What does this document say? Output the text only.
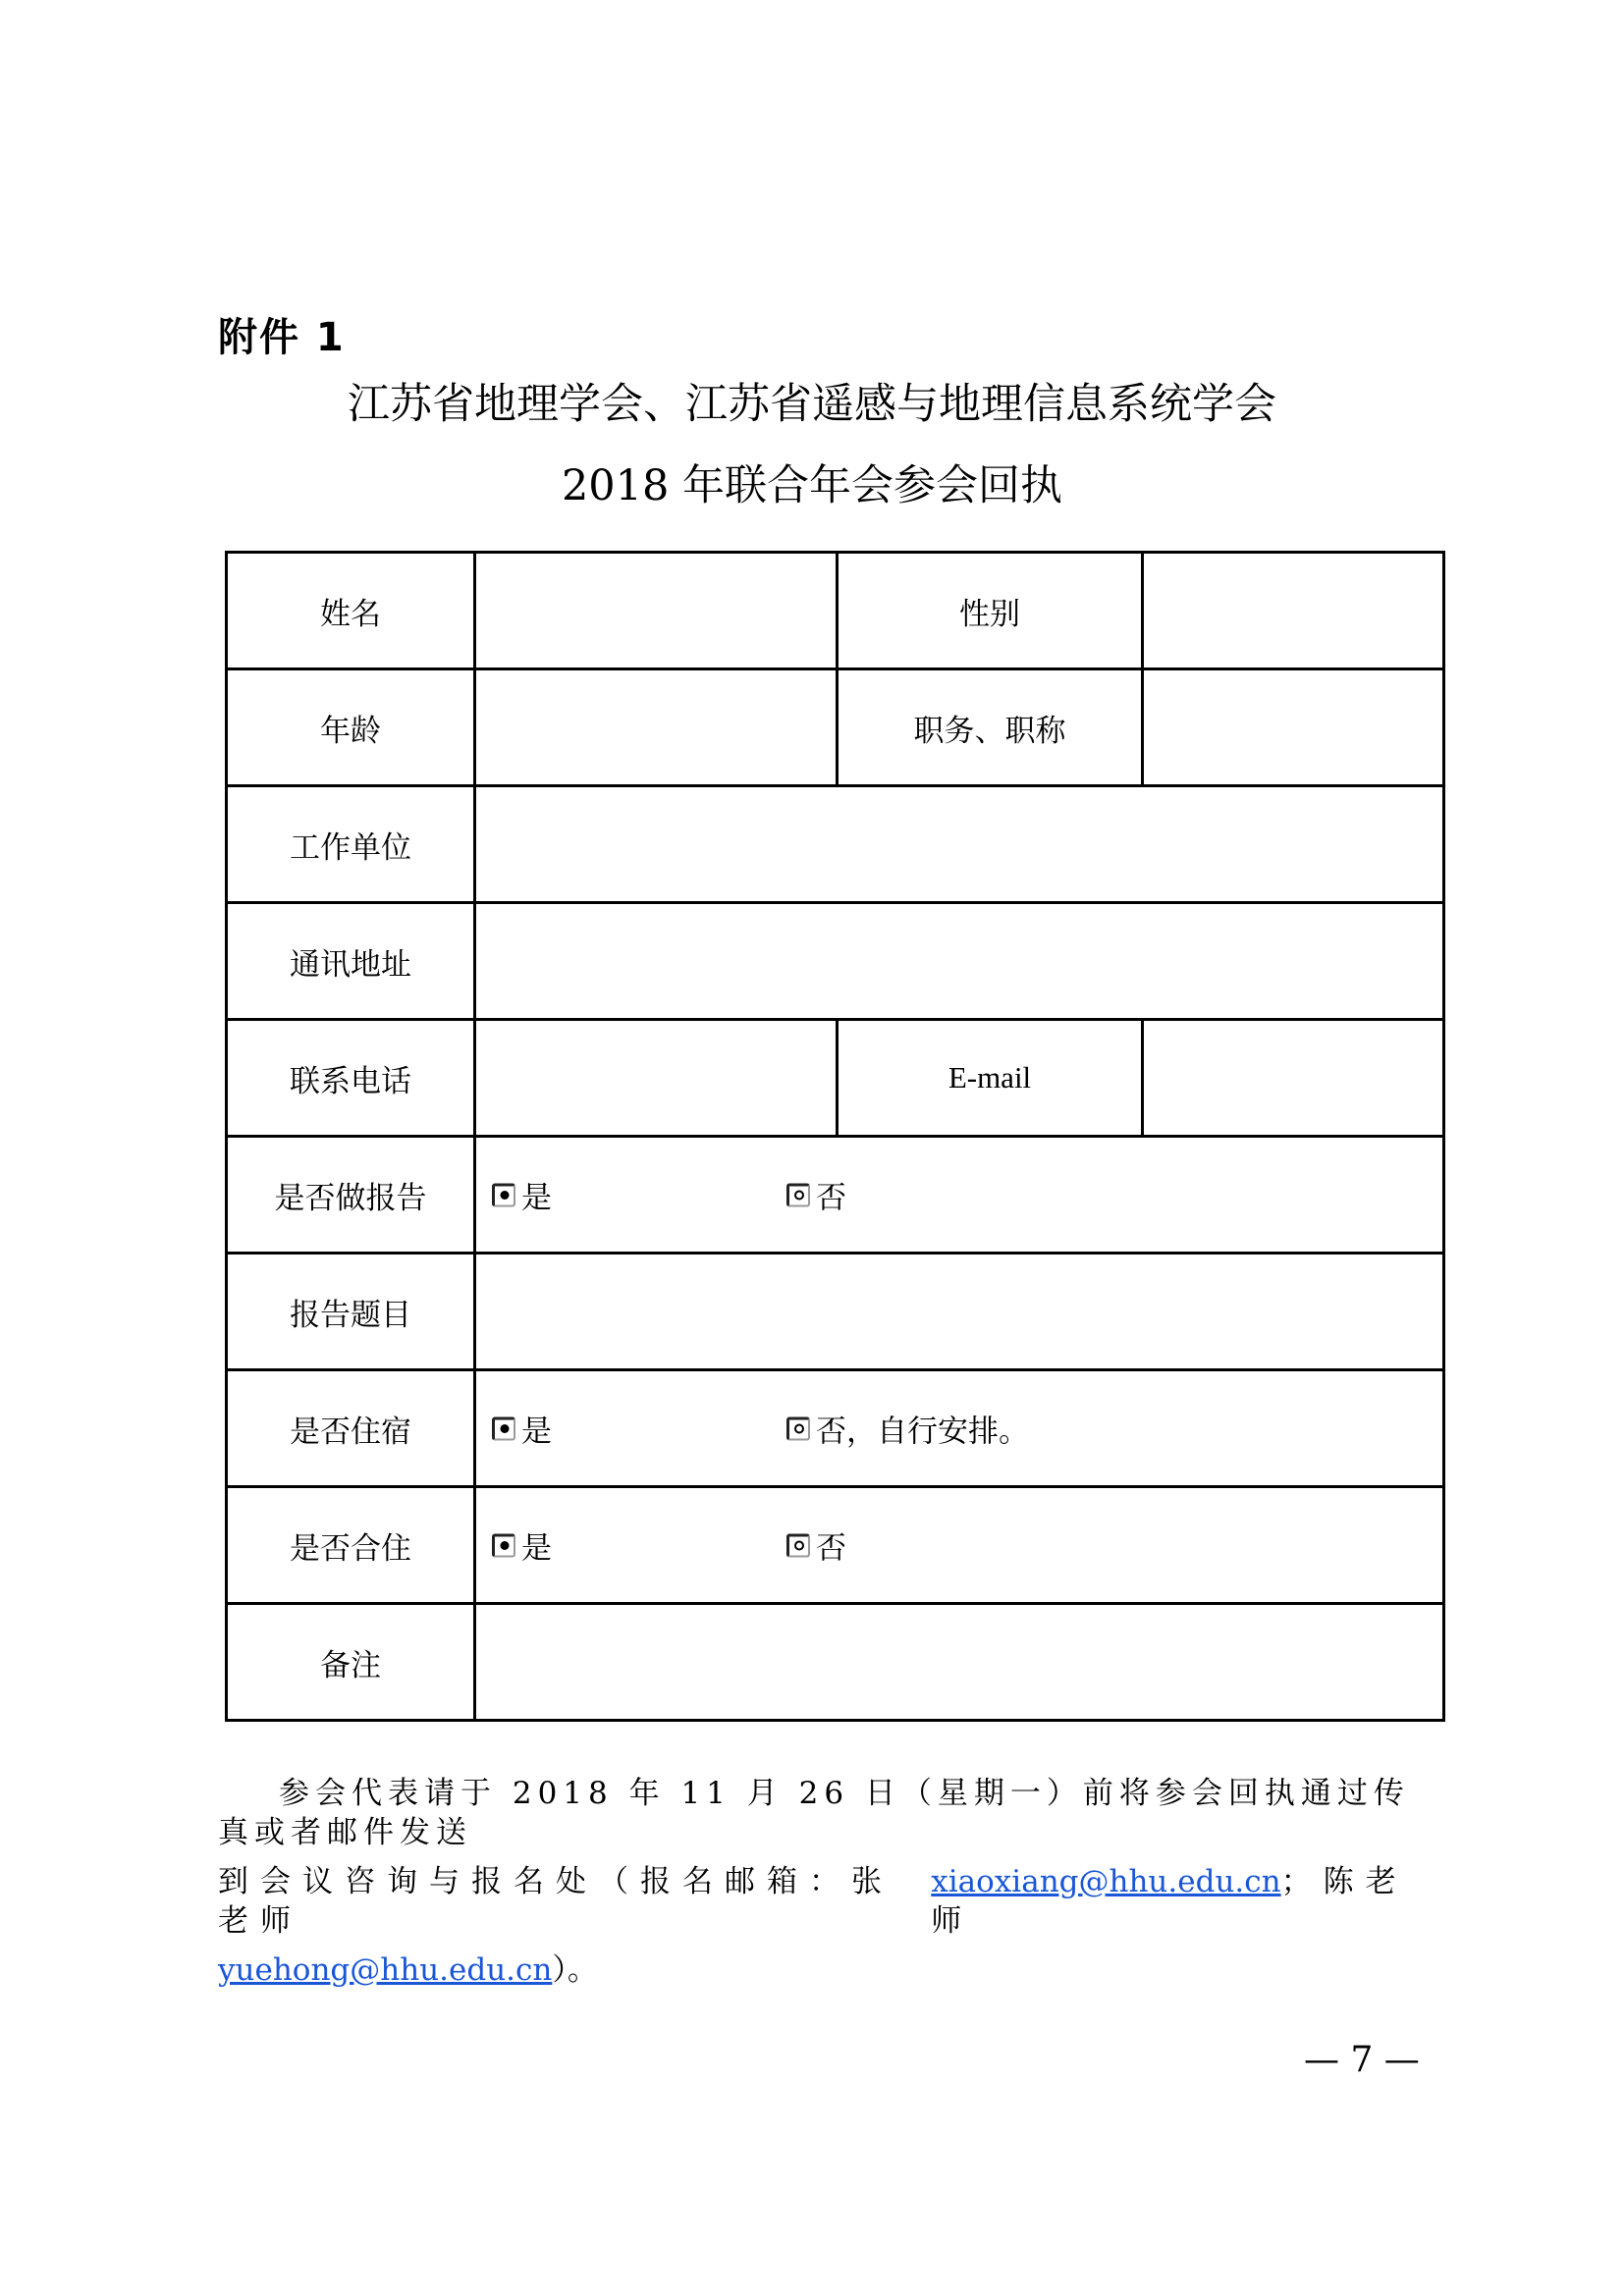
附件 1
江苏省地理学会、江苏省遥感与地理信息系统学会
2018 年联合年会参会回执
姓名		性别	
年龄		职务、职称	
工作单位			
通讯地址			
联系电话		E-mail	
是否做报告	是 否		

报告题目			
是否住宿	是 否，自行安排。		

是否合住	是 否		

备注			
参会代表请于 2018 年 11 月 26 日（星期一）前将参会回执通过传真或者邮件发送
到会议咨询与报名处（报名邮箱：张老师
xiaoxiang@hhu.edu.cn；陈老师
yuehong@hhu.edu.cn）。
— 7 —
